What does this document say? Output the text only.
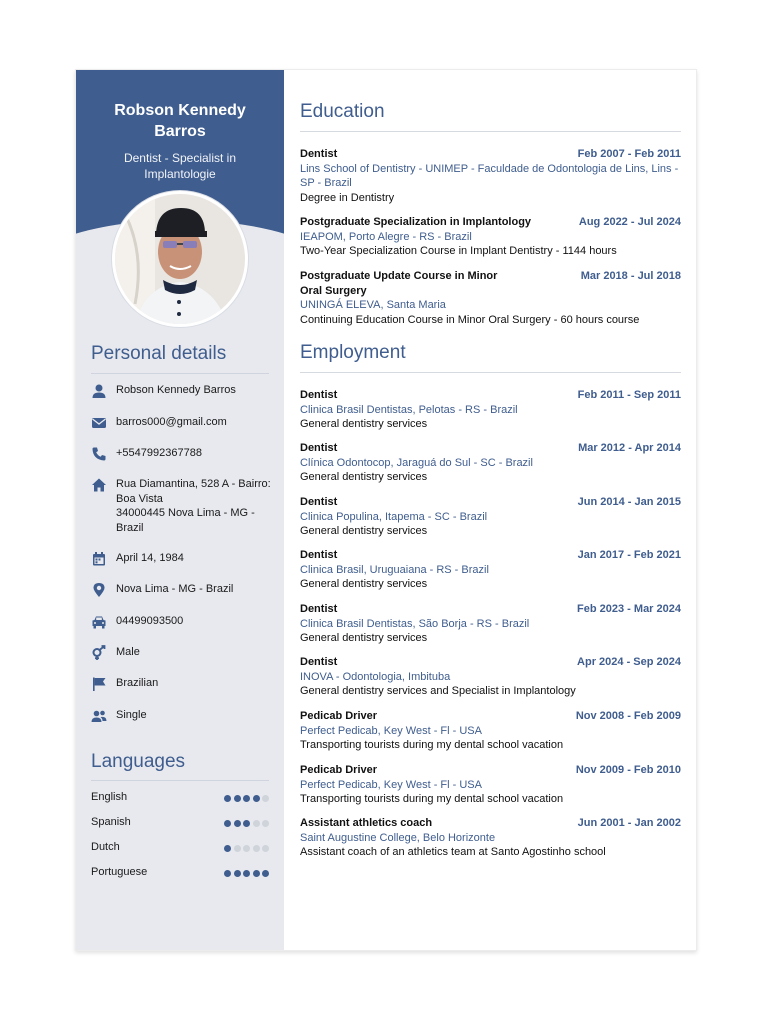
Robson Kennedy Barros
Dentist - Specialist in Implantologie
Personal details
Robson Kennedy Barros
barros000@gmail.com
+5547992367788
Rua Diamantina, 528 A - Bairro: Boa Vista
34000445 Nova Lima - MG - Brazil
April 14, 1984
Nova Lima - MG - Brazil
04499093500
Male
Brazilian
Single
Languages
English
Spanish
Dutch
Portuguese
Education
Dentist	Feb 2007 - Feb 2011
Lins School of Dentistry - UNIMEP - Faculdade de Odontologia de Lins, Lins - SP - Brazil
Degree in Dentistry
Postgraduate Specialization in Implantology	Aug 2022 - Jul 2024
IEAPOM, Porto Alegre - RS - Brazil
Two-Year Specialization Course in Implant Dentistry - 1144 hours
Postgraduate Update Course in Minor Oral Surgery
Mar 2018 - Jul 2018
UNINGÁ ELEVA, Santa Maria
Continuing Education Course in Minor Oral Surgery - 60 hours course
Employment
Dentist	Feb 2011 - Sep 2011
Clinica Brasil Dentistas, Pelotas - RS - Brazil
General dentistry services
Dentist	Mar 2012 - Apr 2014
Clínica Odontocop, Jaraguá do Sul - SC - Brazil
General dentistry services
Dentist	Jun 2014 - Jan 2015
Clinica Populina, Itapema - SC - Brazil
General dentistry services
Dentist	Jan 2017 - Feb 2021
Clinica Brasil, Uruguaiana - RS - Brazil
General dentistry services
Dentist	Feb 2023 - Mar 2024
Clinica Brasil Dentistas, São Borja - RS - Brazil
General dentistry services
Dentist	Apr 2024 - Sep 2024
INOVA - Odontologia, Imbituba
General dentistry services and Specialist in Implantology
Pedicab Driver	Nov 2008 - Feb 2009
Perfect Pedicab, Key West - Fl - USA
Transporting tourists during my dental school vacation
Pedicab Driver	Nov 2009 - Feb 2010
Perfect Pedicab, Key West - Fl - USA
Transporting tourists during my dental school vacation
Assistant athletics coach	Jun 2001 - Jan 2002
Saint Augustine College, Belo Horizonte
Assistant coach of an athletics team at Santo Agostinho school
